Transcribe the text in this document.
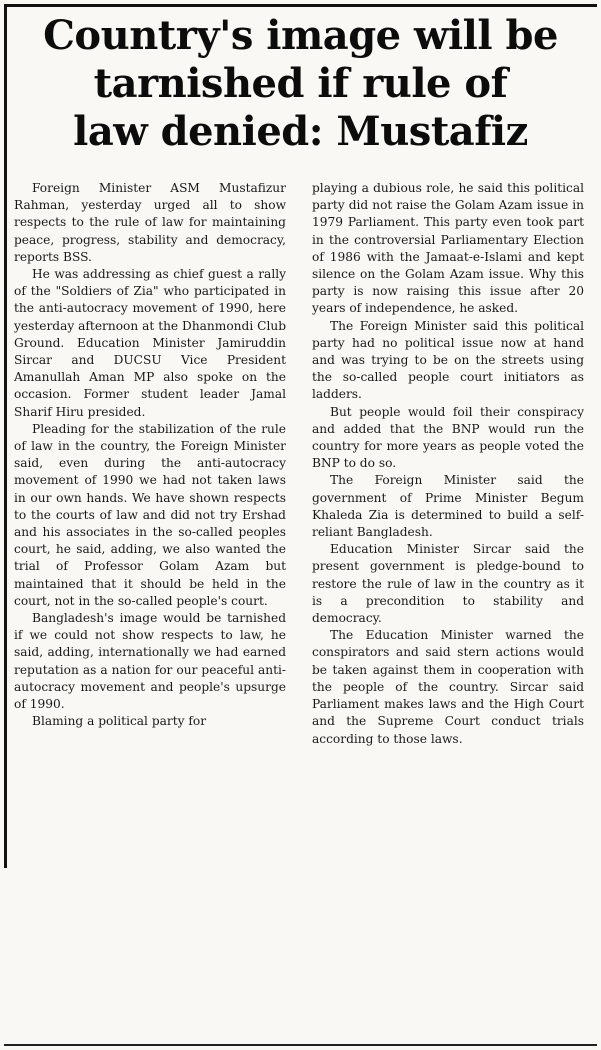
Country's image will be
tarnished if rule of
law denied: Mustafiz

Foreign Minister ASM Mustafizur Rahman, yesterday urged all to show respects to the rule of law for maintaining peace, progress, stability and democracy, reports BSS.

He was addressing as chief guest a rally of the "Soldiers of Zia" who participated in the anti-autocracy movement of 1990, here yesterday afternoon at the Dhanmondi Club Ground. Education Minister Jamiruddin Sircar and DUCSU Vice President Amanullah Aman MP also spoke on the occasion. Former student leader Jamal Sharif Hiru presided.

Pleading for the stabilization of the rule of law in the country, the Foreign Minister said, even during the anti-autocracy movement of 1990 we had not taken laws in our own hands. We have shown respects to the courts of law and did not try Ershad and his associates in the so-called peoples court, he said, adding, we also wanted the trial of Professor Golam Azam but maintained that it should be held in the court, not in the so-called people's court.

Bangladesh's image would be tarnished if we could not show respects to law, he said, adding, internationally we had earned reputation as a nation for our peaceful anti-autocracy movement and people's upsurge of 1990.

Blaming a political party for

playing a dubious role, he said this political party did not raise the Golam Azam issue in 1979 Parliament. This party even took part in the controversial Parliamentary Election of 1986 with the Jamaat-e-Islami and kept silence on the Golam Azam issue. Why this party is now raising this issue after 20 years of independence, he asked.

The Foreign Minister said this political party had no political issue now at hand and was trying to be on the streets using the so-called people court initiators as ladders.

But people would foil their conspiracy and added that the BNP would run the country for more years as people voted the BNP to do so.

The Foreign Minister said the government of Prime Minister Begum Khaleda Zia is determined to build a self-reliant Bangladesh.

Education Minister Sircar said the present government is pledge-bound to restore the rule of law in the country as it is a precondition to stability and democracy.

The Education Minister warned the conspirators and said stern actions would be taken against them in cooperation with the people of the country. Sircar said Parliament makes laws and the High Court and the Supreme Court conduct trials according to those laws.
